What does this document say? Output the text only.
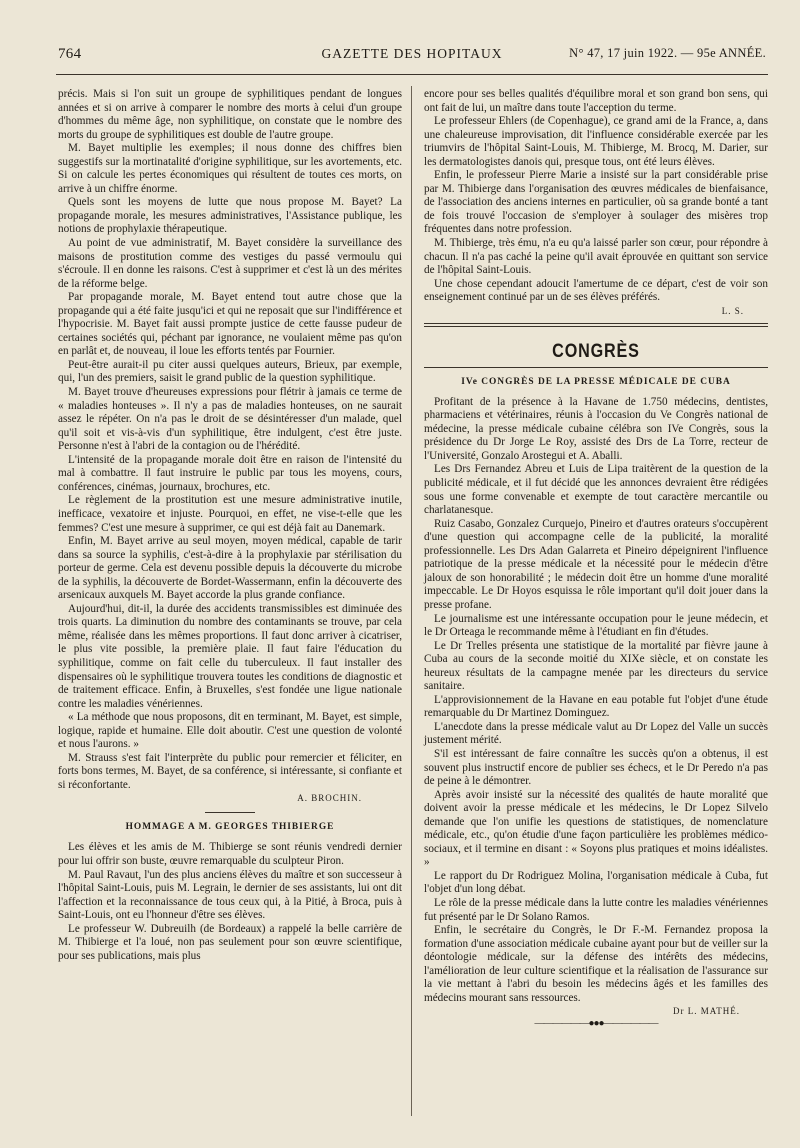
764	GAZETTE DES HOPITAUX	N° 47, 17 juin 1922. — 95e ANNÉE.

précis. Mais si l'on suit un groupe de syphilitiques pendant de longues années et si on arrive à comparer le nombre des morts à celui d'un groupe d'hommes du même âge, non syphilitique, on constate que le nombre des morts du groupe de syphilitiques est double de l'autre groupe.

M. Bayet multiplie les exemples; il nous donne des chiffres bien suggestifs sur la mortinatalité d'origine syphilitique, sur les avortements, etc. Si on calcule les pertes économiques qui résultent de toutes ces morts, on arrive à un chiffre énorme.

Quels sont les moyens de lutte que nous propose M. Bayet? La propagande morale, les mesures administratives, l'Assistance publique, les notions de prophylaxie thérapeutique.

Au point de vue administratif, M. Bayet considère la surveillance des maisons de prostitution comme des vestiges du passé vermoulu qui s'écroule. Il en donne les raisons. C'est à supprimer et c'est là un des mérites de la réforme belge.

Par propagande morale, M. Bayet entend tout autre chose que la propagande qui a été faite jusqu'ici et qui ne reposait que sur l'indifférence et l'hypocrisie. M. Bayet fait aussi prompte justice de cette fausse pudeur de certaines sociétés qui, péchant par ignorance, ne voulaient même pas qu'on en parlât et, de nouveau, il loue les efforts tentés par Fournier.

Peut-être aurait-il pu citer aussi quelques auteurs, Brieux, par exemple, qui, l'un des premiers, saisit le grand public de la question syphilitique.

M. Bayet trouve d'heureuses expressions pour flétrir à jamais ce terme de « maladies honteuses ». Il n'y a pas de maladies honteuses, on ne saurait assez le répéter. On n'a pas le droit de se désintéresser d'un malade, quel qu'il soit et vis-à-vis d'un syphilitique, être indulgent, c'est être juste. Personne n'est à l'abri de la contagion ou de l'hérédité.

L'intensité de la propagande morale doit être en raison de l'intensité du mal à combattre. Il faut instruire le public par tous les moyens, cours, conférences, cinémas, journaux, brochures, etc.

Le règlement de la prostitution est une mesure administrative inutile, inefficace, vexatoire et injuste. Pourquoi, en effet, ne vise-t-elle que les femmes? C'est une mesure à supprimer, ce qui est déjà fait au Danemark.

Enfin, M. Bayet arrive au seul moyen, moyen médical, capable de tarir dans sa source la syphilis, c'est-à-dire à la prophylaxie par stérilisation du porteur de germe. Cela est devenu possible depuis la découverte du microbe de la syphilis, la découverte de Bordet-Wassermann, enfin la découverte des arsenicaux auxquels M. Bayet accorde la plus grande confiance.

Aujourd'hui, dit-il, la durée des accidents transmissibles est diminuée des trois quarts. La diminution du nombre des contaminants se trouve, par cela même, réalisée dans les mêmes proportions. Il faut donc arriver à cicatriser, le plus vite possible, la première plaie. Il faut faire l'éducation du syphilitique, comme on fait celle du tuberculeux. Il faut installer des dispensaires où le syphilitique trouvera toutes les conditions de diagnostic et de traitement efficace. Enfin, à Bruxelles, s'est fondée une ligue nationale contre les maladies vénériennes.

« La méthode que nous proposons, dit en terminant, M. Bayet, est simple, logique, rapide et humaine. Elle doit aboutir. C'est une question de volonté et nous l'aurons. »

M. Strauss s'est fait l'interprète du public pour remercier et féliciter, en forts bons termes, M. Bayet, de sa conférence, si intéressante, si confiante et si réconfortante.

A. BROCHIN.
HOMMAGE A M. GEORGES THIBIERGE

Les élèves et les amis de M. Thibierge se sont réunis vendredi dernier pour lui offrir son buste, œuvre remarquable du sculpteur Piron.

M. Paul Ravaut, l'un des plus anciens élèves du maître et son successeur à l'hôpital Saint-Louis, puis M. Legrain, le dernier de ses assistants, lui ont dit l'affection et la reconnaissance de tous ceux qui, à la Pitié, à Broca, puis à Saint-Louis, ont eu l'honneur d'être ses élèves.

Le professeur W. Dubreuilh (de Bordeaux) a rappelé la belle carrière de M. Thibierge et l'a loué, non pas seulement pour son œuvre scientifique, pour ses publications, mais plus

encore pour ses belles qualités d'équilibre moral et son grand bon sens, qui ont fait de lui, un maître dans toute l'acception du terme.

Le professeur Ehlers (de Copenhague), ce grand ami de la France, a, dans une chaleureuse improvisation, dit l'influence considérable exercée par les triumvirs de l'hôpital Saint-Louis, M. Thibierge, M. Brocq, M. Darier, sur les dermatologistes danois qui, presque tous, ont été leurs élèves.

Enfin, le professeur Pierre Marie a insisté sur la part considérable prise par M. Thibierge dans l'organisation des œuvres médicales de bienfaisance, de l'association des anciens internes en particulier, où sa grande bonté a tant de fois trouvé l'occasion de s'employer à soulager des misères trop fréquentes dans notre profession.

M. Thibierge, très ému, n'a eu qu'a laissé parler son cœur, pour répondre à chacun. Il n'a pas caché la peine qu'il avait éprouvée en quittant son service de l'hôpital Saint-Louis.

Une chose cependant adoucit l'amertume de ce départ, c'est de voir son enseignement continué par un de ses élèves préférés.

L. S.
CONGRÈS
IVe CONGRÈS DE LA PRESSE MÉDICALE DE CUBA

Profitant de la présence à la Havane de 1.750 médecins, dentistes, pharmaciens et vétérinaires, réunis à l'occasion du Ve Congrès national de médecine, la presse médicale cubaine célébra son IVe Congrès, sous la présidence du Dr Jorge Le Roy, assisté des Drs de La Torre, recteur de l'Université, Gonzalo Arostegui et A. Aballi.

Les Drs Fernandez Abreu et Luis de Lipa traitèrent de la question de la publicité médicale, et il fut décidé que les annonces devraient être rédigées sous une forme convenable et exempte de tout caractère mercantile ou charlatanesque.

Ruiz Casabo, Gonzalez Curquejo, Pineiro et d'autres orateurs s'occupèrent d'une question qui accompagne celle de la publicité, la moralité professionnelle. Les Drs Adan Galarreta et Pineiro dépeignirent l'influence patriotique de la presse médicale et la nécessité pour le médecin d'être jaloux de son honorabilité ; le médecin doit être un homme d'une moralité impeccable. Le Dr Hoyos esquissa le rôle important qu'il doit jouer dans la presse profane.

Le journalisme est une intéressante occupation pour le jeune médecin, et le Dr Orteaga le recommande même à l'étudiant en fin d'études.

Le Dr Trelles présenta une statistique de la mortalité par fièvre jaune à Cuba au cours de la seconde moitié du XIXe siècle, et on constate les heureux résultats de la campagne menée par les directeurs du service sanitaire.

L'approvisionnement de la Havane en eau potable fut l'objet d'une étude remarquable du Dr Martinez Dominguez.

L'anecdote dans la presse médicale valut au Dr Lopez del Valle un succès justement mérité.

S'il est intéressant de faire connaître les succès qu'on a obtenus, il est souvent plus instructif encore de publier ses échecs, et le Dr Peredo n'a pas de peine à le démontrer.

Après avoir insisté sur la nécessité des qualités de haute moralité que doivent avoir la presse médicale et les médecins, le Dr Lopez Silvelo demande que l'on unifie les questions de statistiques, de nomenclature médicale, etc., qu'on étudie d'une façon particulière les problèmes médico-sociaux, et il termine en disant : « Soyons plus pratiques et moins idéalistes. »

Le rapport du Dr Rodriguez Molina, l'organisation médicale à Cuba, fut l'objet d'un long débat.

Le rôle de la presse médicale dans la lutte contre les maladies vénériennes fut présenté par le Dr Solano Ramos.

Enfin, le secrétaire du Congrès, le Dr F.-M. Fernandez proposa la formation d'une association médicale cubaine ayant pour but de veiller sur la déontologie médicale, sur la défense des intérêts des médecins, l'amélioration de leur culture scientifique et la réalisation de l'assurance sur la vie mettant à l'abri du besoin les médecins âgés et les familles des médecins mourant sans ressources.

Dr L. MATHÉ.
——————●●●——————
